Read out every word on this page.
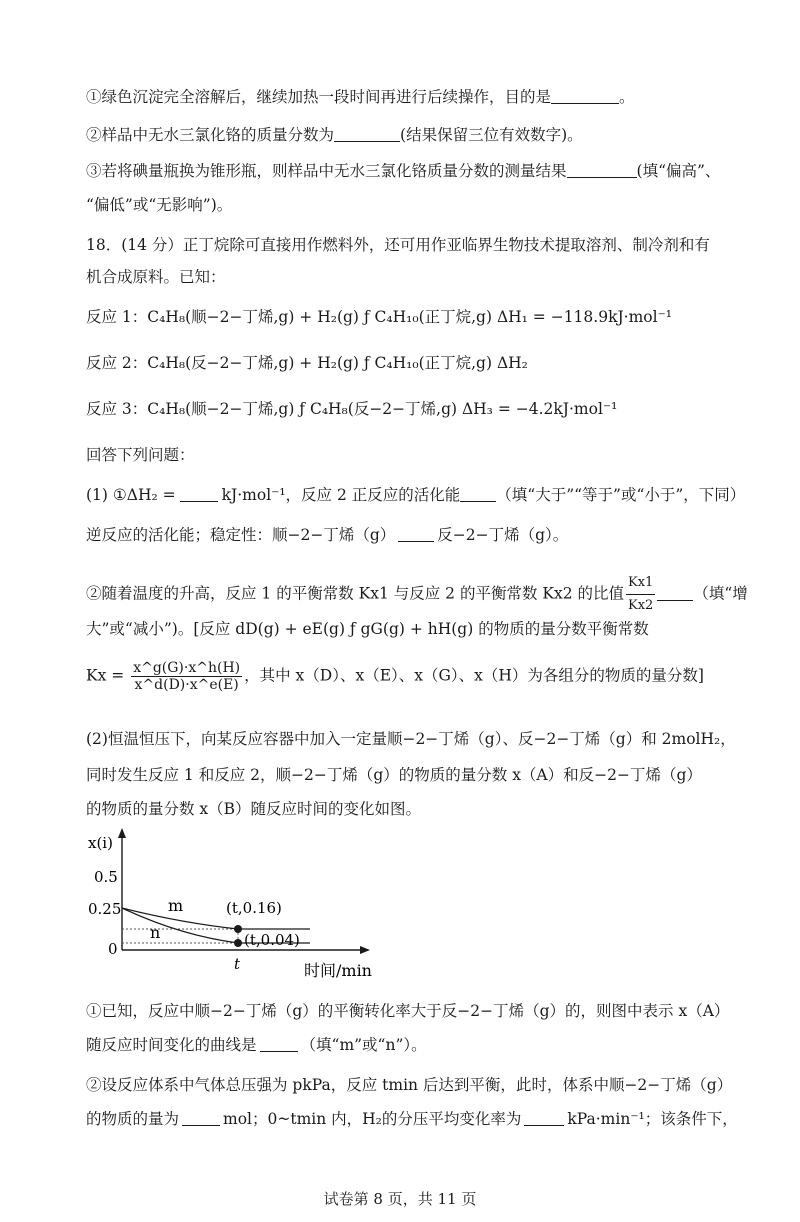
①绿色沉淀完全溶解后，继续加热一段时间再进行后续操作，目的是	。
②样品中无水三氯化铬的质量分数为	(结果保留三位有效数字)。
③若将碘量瓶换为锥形瓶，则样品中无水三氯化铬质量分数的测量结果	(填“偏高”、
“偏低”或“无影响”)。
18．(14 分）正丁烷除可直接用作燃料外，还可用作亚临界生物技术提取溶剂、制冷剂和有
机合成原料。已知：
反应 1：C₄H₈(顺−2−丁烯,g) + H₂(g) ƒ C₄H₁₀(正丁烷,g) ΔH₁ = −118.9kJ·mol⁻¹
反应 2：C₄H₈(反−2−丁烯,g) + H₂(g) ƒ C₄H₁₀(正丁烷,g) ΔH₂
反应 3：C₄H₈(顺−2−丁烯,g) ƒ C₄H₈(反−2−丁烯,g) ΔH₃ = −4.2kJ·mol⁻¹
回答下列问题：
(1) ①ΔH₂ =	kJ·mol⁻¹，反应 2 正反应的活化能 （填“大于”“等于”或“小于”，下同）
逆反应的活化能；稳定性：顺−2−丁烯（g）	反−2−丁烯（g）。
②随着温度的升高，反应 1 的平衡常数 Kx1 与反应 2 的平衡常数 Kx2 的比值 $\frac{Kx1}{Kx2}$ （填“增
大”或“减小”)。[反应 dD(g) + eE(g) ƒ gG(g) + hH(g) 的物质的量分数平衡常数
$Kx = \frac{x\^{}g(G)\cdot x\^{}h(H)}{x\^{}d(D)\cdot x\^{}e(E)}$ ，其中 x（D）、x（E）、x（G）、x（H）为各组分的物质的量分数]
(2)恒温恒压下，向某反应容器中加入一定量顺−2−丁烯（g）、反−2−丁烯（g）和 2molH₂，
同时发生反应 1 和反应 2，顺−2−丁烯（g）的物质的量分数 x（A）和反−2−丁烯（g）
的物质的量分数 x（B）随反应时间的变化如图。
x(i)
时间/min
0.5
0.25
0
m
n
(t,0.16)
(t,0.04)
t
①已知，反应中顺−2−丁烯（g）的平衡转化率大于反−2−丁烯（g）的，则图中表示 x（A）
随反应时间变化的曲线是	（填“m”或“n”）。
②设反应体系中气体总压强为 pkPa，反应 tmin 后达到平衡，此时，体系中顺−2−丁烯（g）
的物质的量为	mol；0~tmin 内，H₂的分压平均变化率为	kPa·min⁻¹；该条件下，
试卷第 8 页，共 11 页
